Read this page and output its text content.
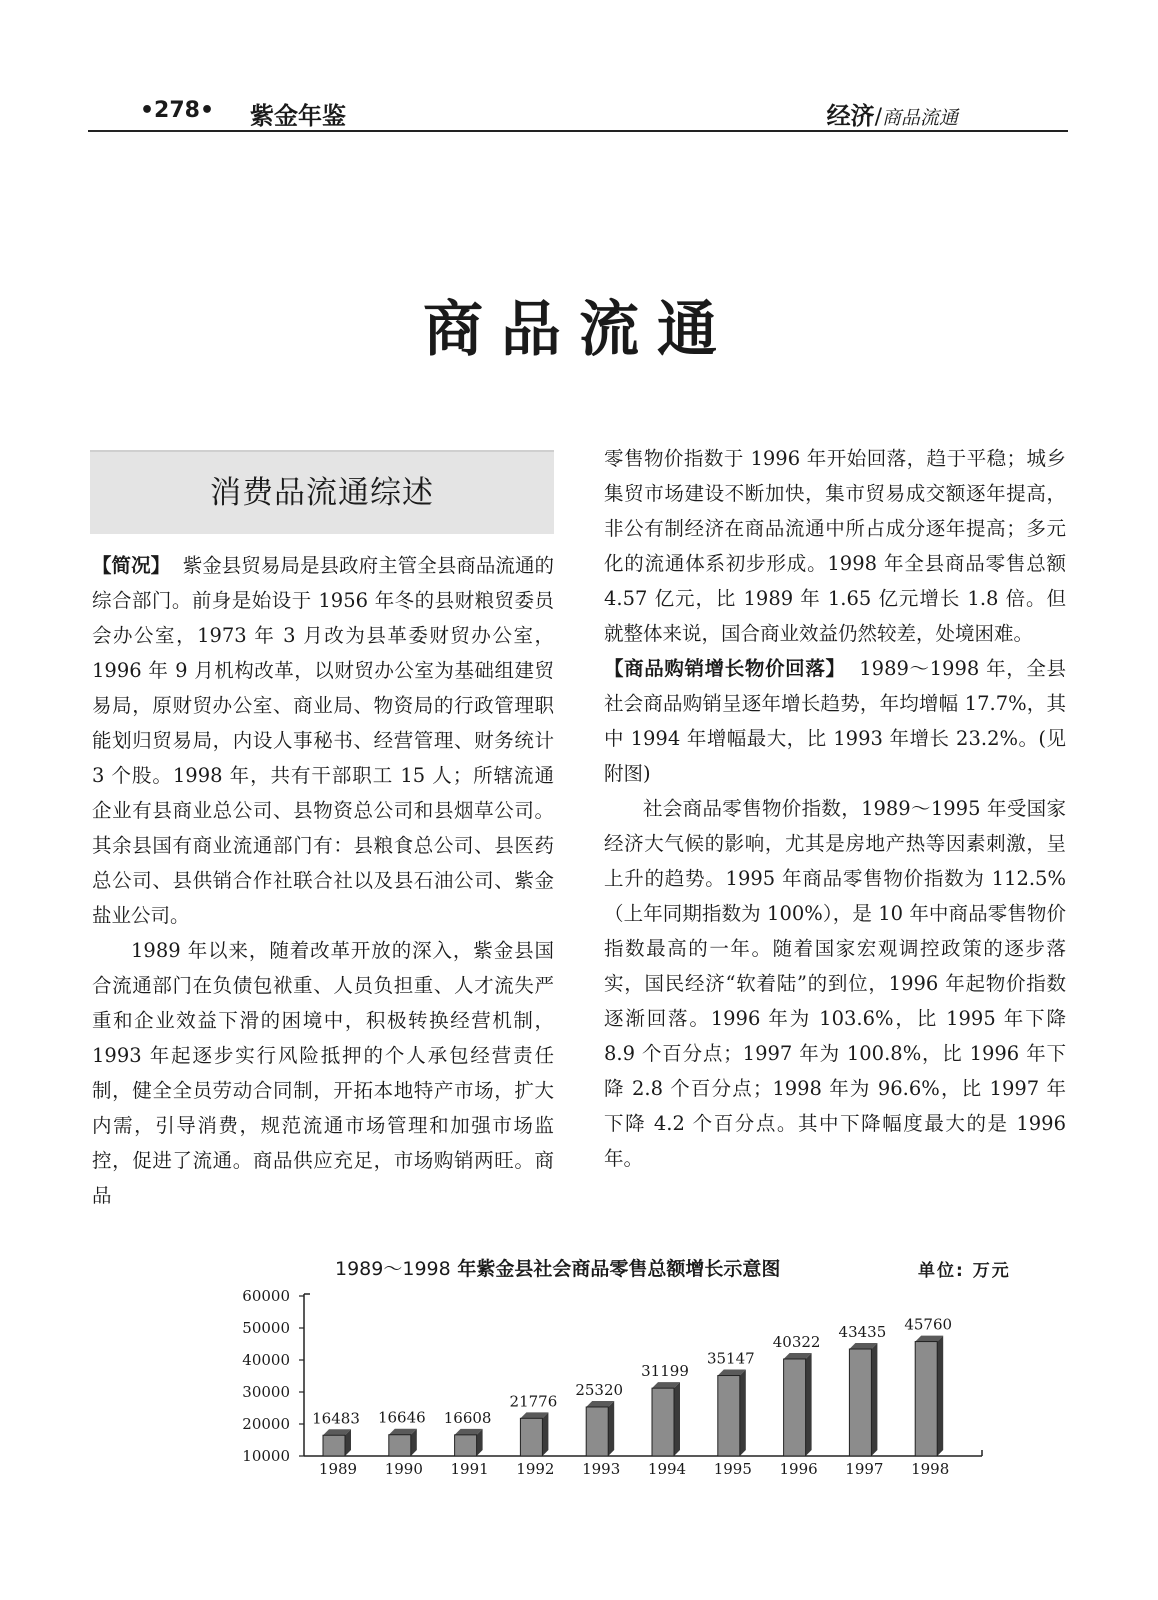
•278• 紫金年鉴	经济/商品流通
商品流通
消费品流通综述

【简况】 紫金县贸易局是县政府主管全县商品流通的综合部门。前身是始设于 1956 年冬的县财粮贸委员会办公室，1973 年 3 月改为县革委财贸办公室，1996 年 9 月机构改革，以财贸办公室为基础组建贸易局，原财贸办公室、商业局、物资局的行政管理职能划归贸易局，内设人事秘书、经营管理、财务统计 3 个股。1998 年，共有干部职工 15 人；所辖流通企业有县商业总公司、县物资总公司和县烟草公司。其余县国有商业流通部门有：县粮食总公司、县医药总公司、县供销合作社联合社以及县石油公司、紫金盐业公司。

1989 年以来，随着改革开放的深入，紫金县国合流通部门在负债包袱重、人员负担重、人才流失严重和企业效益下滑的困境中，积极转换经营机制，1993 年起逐步实行风险抵押的个人承包经营责任制，健全全员劳动合同制，开拓本地特产市场，扩大内需，引导消费，规范流通市场管理和加强市场监控，促进了流通。商品供应充足，市场购销两旺。商品

零售物价指数于 1996 年开始回落，趋于平稳；城乡集贸市场建设不断加快，集市贸易成交额逐年提高，非公有制经济在商品流通中所占成分逐年提高；多元化的流通体系初步形成。1998 年全县商品零售总额 4.57 亿元，比 1989 年 1.65 亿元增长 1.8 倍。但就整体来说，国合商业效益仍然较差，处境困难。

【商品购销增长物价回落】 1989～1998 年，全县社会商品购销呈逐年增长趋势，年均增幅 17.7%，其中 1994 年增幅最大，比 1993 年增长 23.2%。(见附图)

社会商品零售物价指数，1989～1995 年受国家经济大气候的影响，尤其是房地产热等因素刺激，呈上升的趋势。1995 年商品零售物价指数为 112.5%（上年同期指数为 100%），是 10 年中商品零售物价指数最高的一年。随着国家宏观调控政策的逐步落实，国民经济“软着陆”的到位，1996 年起物价指数逐渐回落。1996 年为 103.6%，比 1995 年下降 8.9 个百分点；1997 年为 100.8%，比 1996 年下降 2.8 个百分点；1998 年为 96.6%，比 1997 年下降 4.2 个百分点。其中下降幅度最大的是 1996 年。

1989～1998 年紫金县社会商品零售总额增长示意图	单位: 万元
10000
20000
30000
40000
50000
60000
16483
1989
16646
1990
16608
1991
21776
1992
25320
1993
31199
1994
35147
1995
40322
1996
43435
1997
45760
1998
